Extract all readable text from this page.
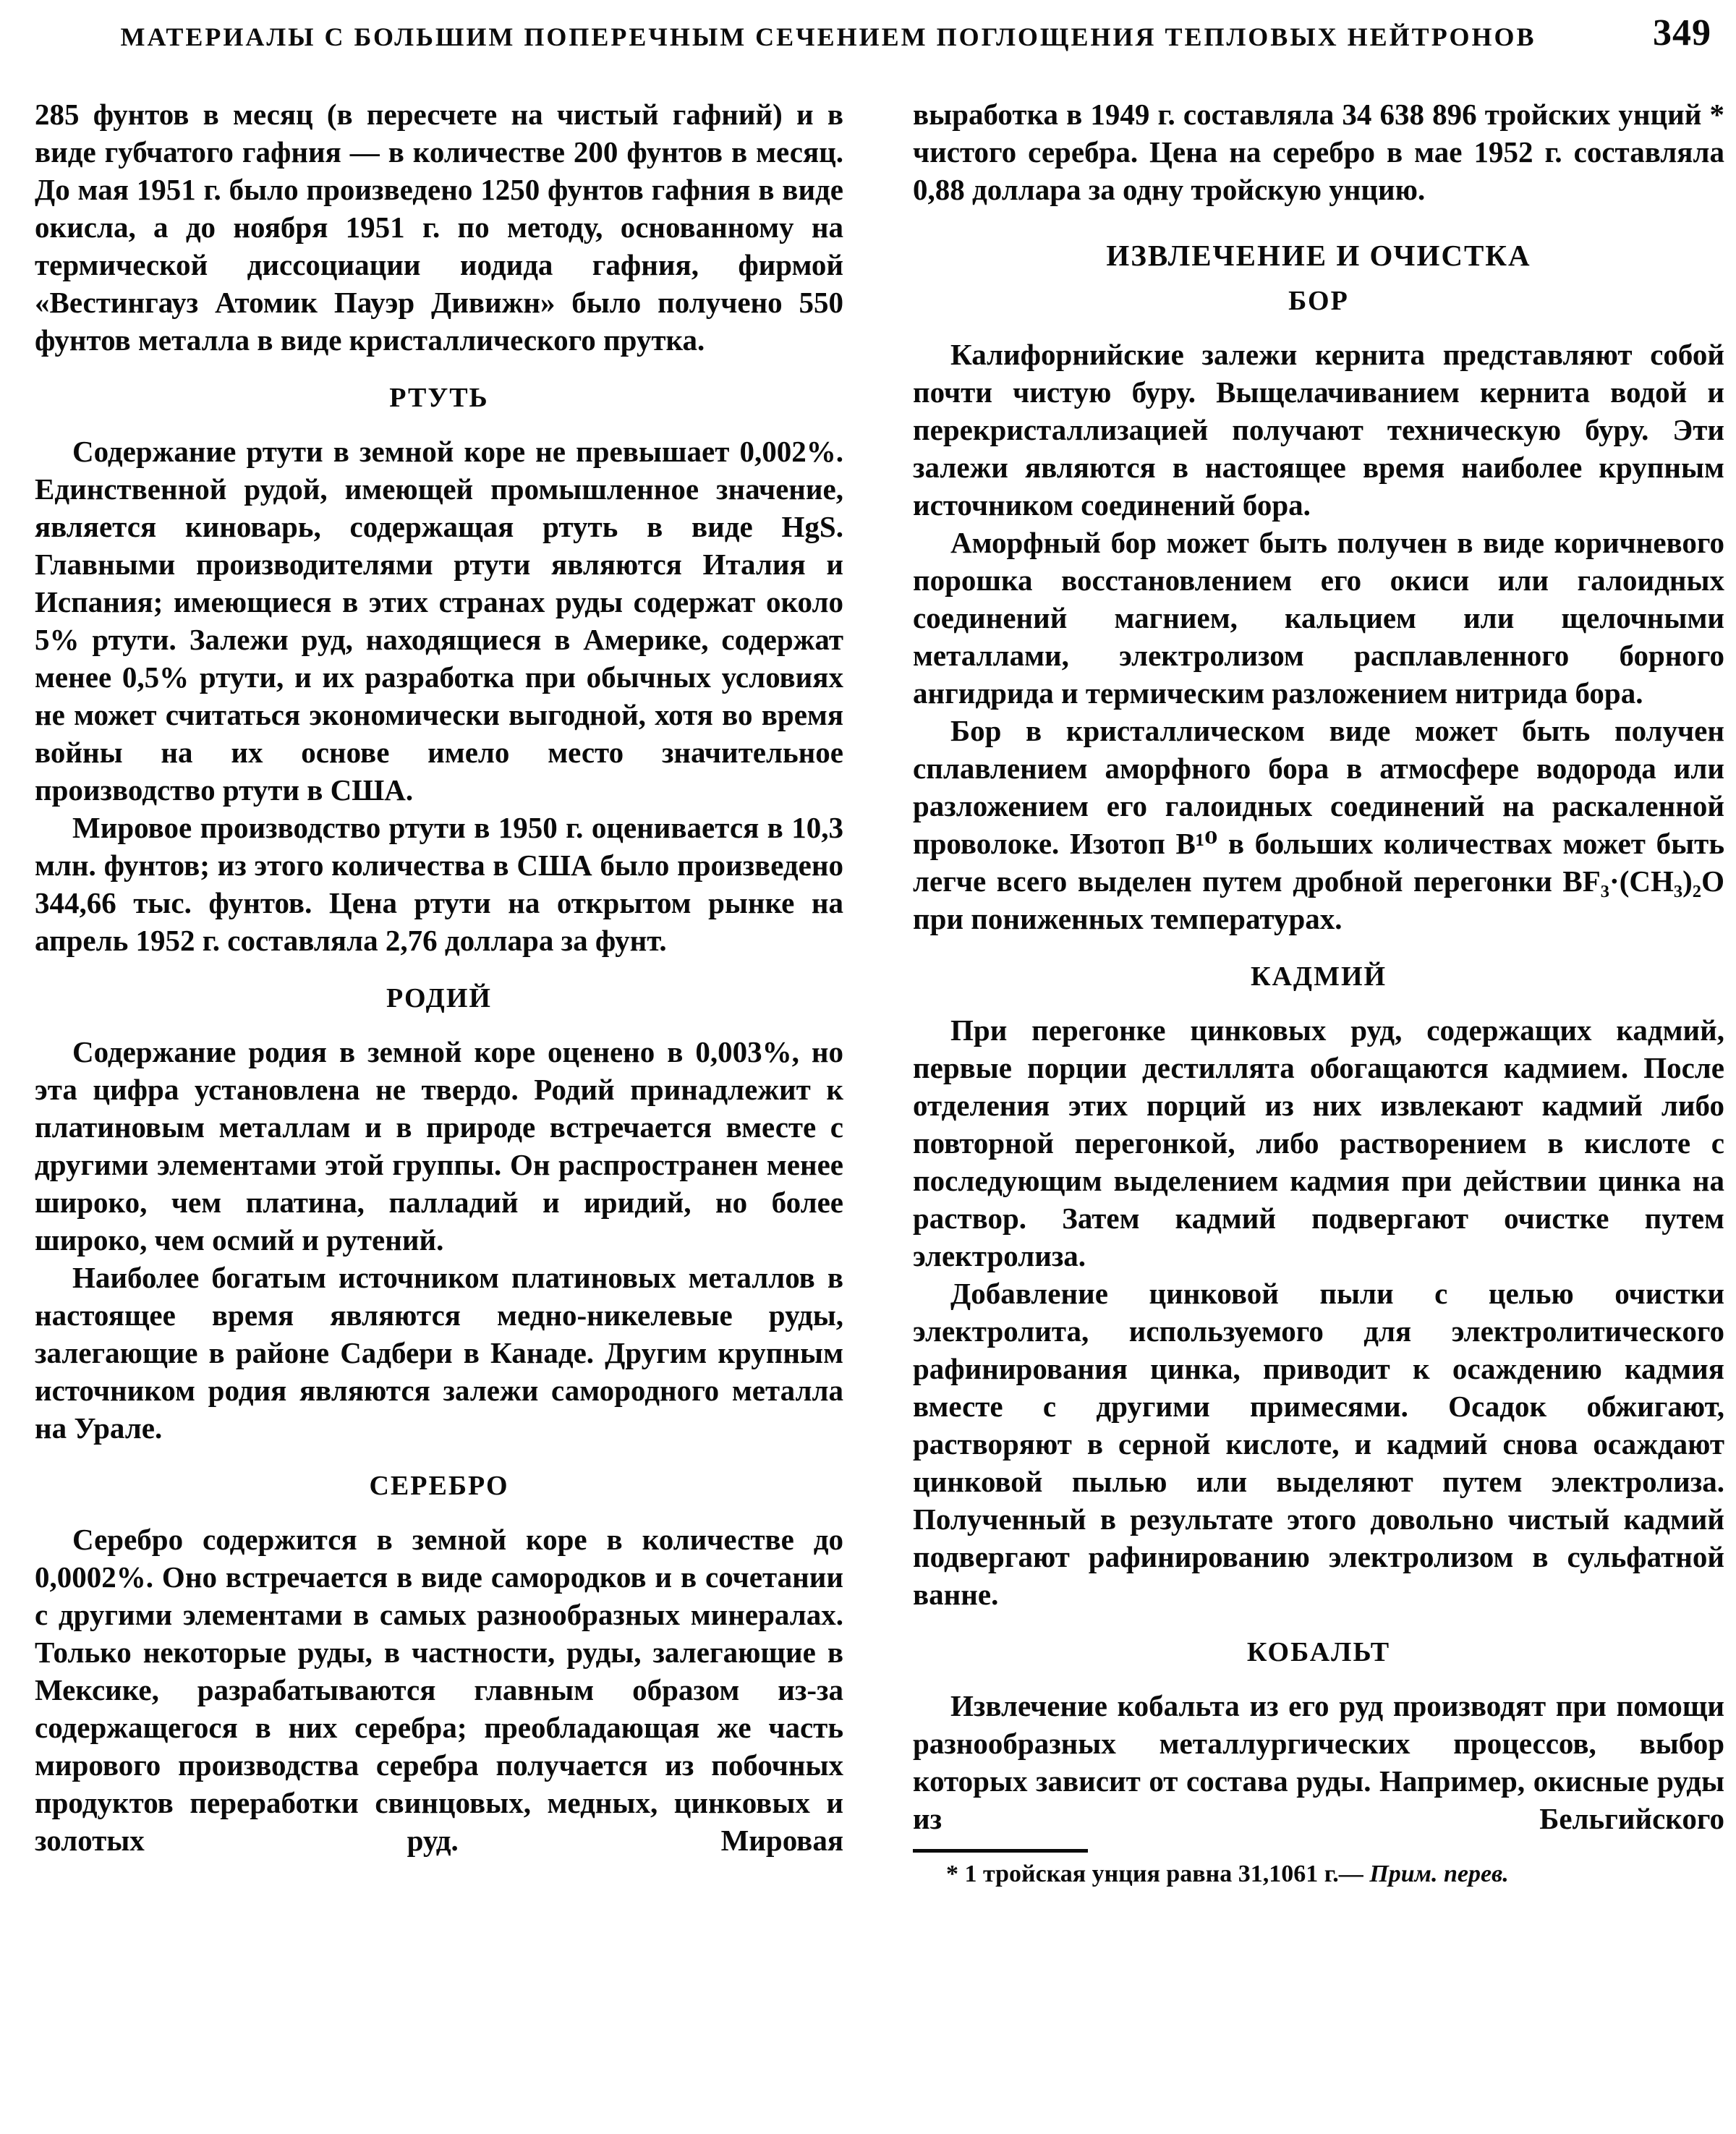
МАТЕРИАЛЫ С БОЛЬШИМ ПОПЕРЕЧНЫМ СЕЧЕНИЕМ ПОГЛОЩЕНИЯ ТЕПЛОВЫХ НЕЙТРОНОВ	349

285 фунтов в месяц (в пересчете на чистый гафний) и в виде губчатого гафния — в количестве 200 фунтов в месяц. До мая 1951 г. было произведено 1250 фунтов гафния в виде окисла, а до ноября 1951 г. по методу, основанному на термической диссоциации иодида гафния, фирмой «Вестингауз Атомик Пауэр Дивижн» было получено 550 фунтов металла в виде кристаллического прутка.

РТУТЬ

Содержание ртути в земной коре не превышает 0,002%. Единственной рудой, имеющей промышленное значение, является киноварь, содержащая ртуть в виде HgS. Главными производителями ртути являются Италия и Испания; имеющиеся в этих странах руды содержат около 5% ртути. Залежи руд, находящиеся в Америке, содержат менее 0,5% ртути, и их разработка при обычных условиях не может считаться экономически выгодной, хотя во время войны на их основе имело место значительное производство ртути в США.

Мировое производство ртути в 1950 г. оценивается в 10,3 млн. фунтов; из этого количества в США было произведено 344,66 тыс. фунтов. Цена ртути на открытом рынке на апрель 1952 г. составляла 2,76 доллара за фунт.

РОДИЙ

Содержание родия в земной коре оценено в 0,003%, но эта цифра установлена не твердо. Родий принадлежит к платиновым металлам и в природе встречается вместе с другими элементами этой группы. Он распространен менее широко, чем платина, палладий и иридий, но более широко, чем осмий и рутений.

Наиболее богатым источником платиновых металлов в настоящее время являются медно-никелевые руды, залегающие в районе Садбери в Канаде. Другим крупным источником родия являются залежи самородного металла на Урале.

СЕРЕБРО

Серебро содержится в земной коре в количестве до 0,0002%. Оно встречается в виде самородков и в сочетании с другими элементами в самых разнообразных минералах. Только некоторые руды, в частности, руды, залегающие в Мексике, разрабатываются главным образом из-за содержащегося в них серебра; преобладающая же часть мирового производства серебра получается из побочных продуктов переработки свинцовых, медных, цинковых и золотых руд. Мировая

выработка в 1949 г. составляла 34 638 896 тройских унций * чистого серебра. Цена на серебро в мае 1952 г. составляла 0,88 доллара за одну тройскую унцию.

ИЗВЛЕЧЕНИЕ И ОЧИСТКА
БОР

Калифорнийские залежи кернита представляют собой почти чистую буру. Выщелачиванием кернита водой и перекристаллизацией получают техническую буру. Эти залежи являются в настоящее время наиболее крупным источником соединений бора.

Аморфный бор может быть получен в виде коричневого порошка восстановлением его окиси или галоидных соединений магнием, кальцием или щелочными металлами, электролизом расплавленного борного ангидрида и термическим разложением нитрида бора.

Бор в кристаллическом виде может быть получен сплавлением аморфного бора в атмосфере водорода или разложением его галоидных соединений на раскаленной проволоке. Изотоп B¹⁰ в больших количествах может быть легче всего выделен путем дробной перегонки BF₃·(CH₃)₂O при пониженных температурах.

КАДМИЙ

При перегонке цинковых руд, содержащих кадмий, первые порции дестиллята обогащаются кадмием. После отделения этих порций из них извлекают кадмий либо повторной перегонкой, либо растворением в кислоте с последующим выделением кадмия при действии цинка на раствор. Затем кадмий подвергают очистке путем электролиза.

Добавление цинковой пыли с целью очистки электролита, используемого для электролитического рафинирования цинка, приводит к осаждению кадмия вместе с другими примесями. Осадок обжигают, растворяют в серной кислоте, и кадмий снова осаждают цинковой пылью или выделяют путем электролиза. Полученный в результате этого довольно чистый кадмий подвергают рафинированию электролизом в сульфатной ванне.

КОБАЛЬТ

Извлечение кобальта из его руд производят при помощи разнообразных металлургических процессов, выбор которых зависит от состава руды. Например, окисные руды из Бельгийского

* 1 тройская унция равна 31,1061 г.— Прим. перев.
